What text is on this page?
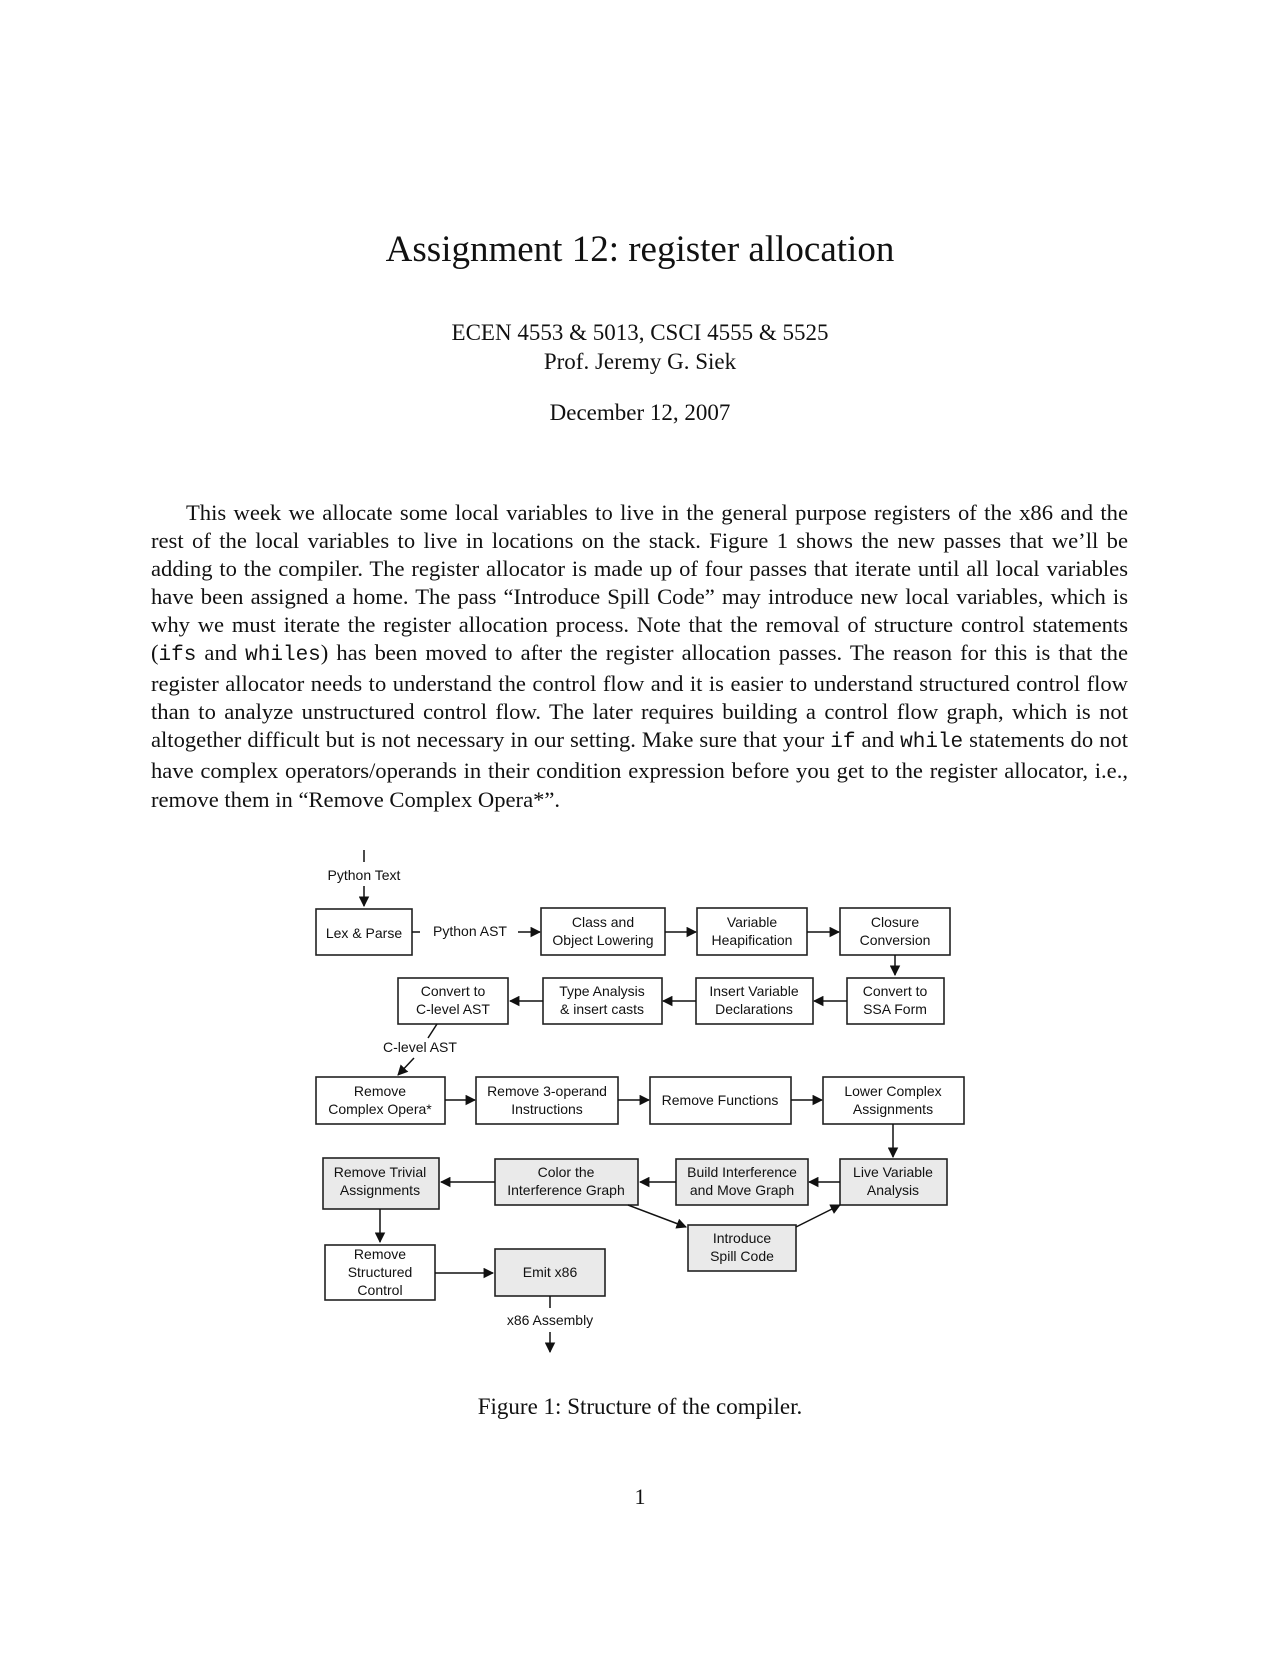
Assignment 12: register allocation
ECEN 4553 & 5013, CSCI 4555 & 5525
Prof. Jeremy G. Siek
December 12, 2007

This week we allocate some local variables to live in the general purpose registers of the x86 and the rest of the local variables to live in locations on the stack. Figure 1 shows the new passes that we’ll be adding to the compiler. The register allocator is made up of four passes that iterate until all local variables have been assigned a home. The pass “Introduce Spill Code” may introduce new local variables, which is why we must iterate the register allocation process. Note that the removal of structure control statements (ifs and whiles) has been moved to after the register allocation passes. The reason for this is that the register allocator needs to understand the control flow and it is easier to understand structured control flow than to analyze unstructured control flow. The later requires building a control flow graph, which is not altogether difficult but is not necessary in our setting. Make sure that your if and while statements do not have complex operators/operands in their condition expression before you get to the register allocator, i.e., remove them in “Remove Complex Opera*”.

Python Text
Lex & Parse Python AST
Class and
Object Lowering
Variable
Heapification
Closure
Conversion
Convert to
SSA Form
Insert Variable
Declarations
Type Analysis
& insert casts
Convert to
C-level AST
C-level AST
Remove
Complex Opera*
Remove 3-operand
Instructions
Remove Functions
Lower Complex
Assignments
Live Variable
Analysis
Build Interference
and Move Graph
Color the
Interference Graph
Remove Trivial
Assignments
Introduce
Spill Code
Remove
Structured
Control
Emit x86
x86 Assembly
Figure 1: Structure of the compiler.
1
